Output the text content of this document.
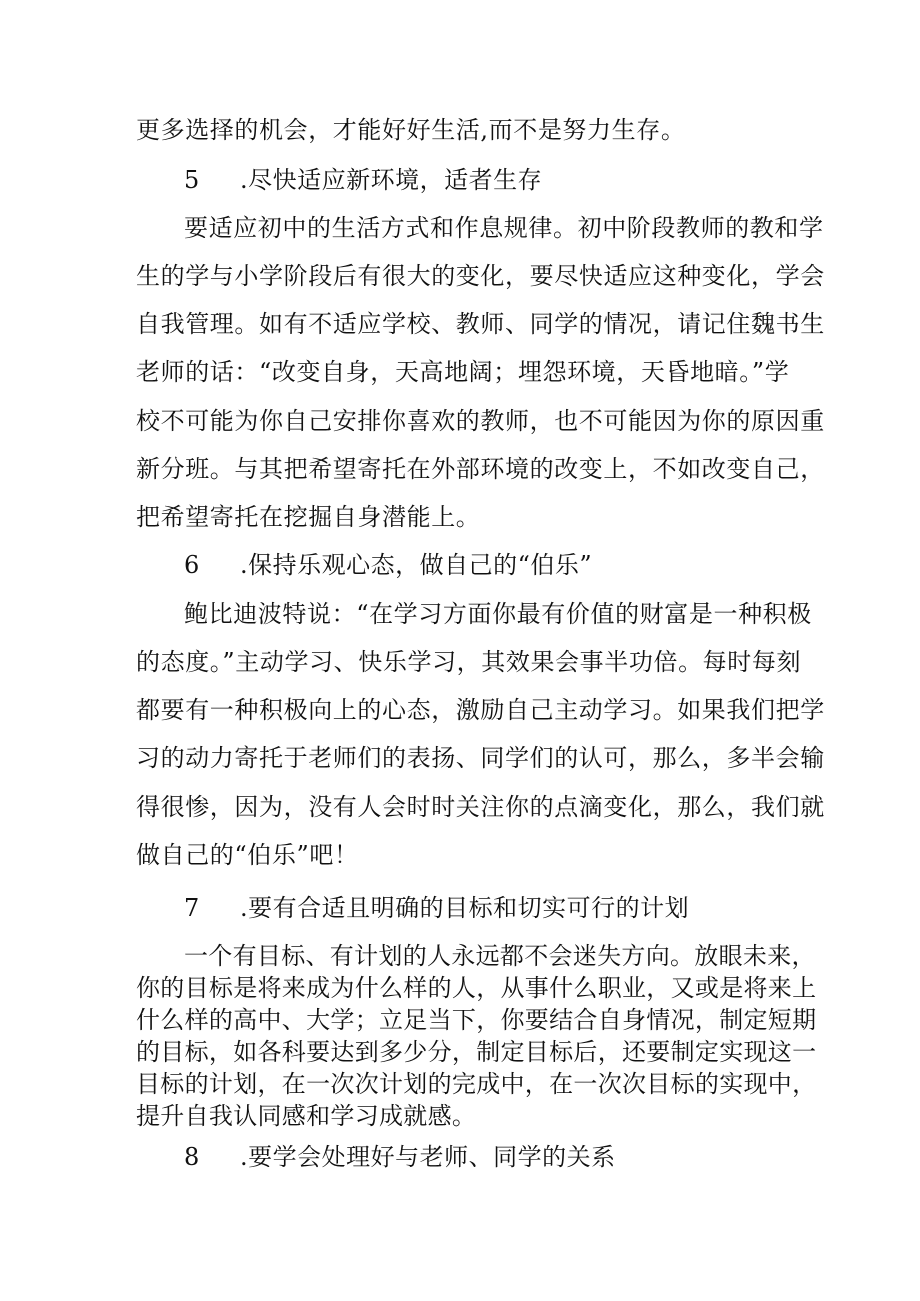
更多选择的机会，才能好好生活,而不是努力生存。
5 .尽快适应新环境，适者生存
要适应初中的生活方式和作息规律。初中阶段教师的教和学
生的学与小学阶段后有很大的变化，要尽快适应这种变化，学会
自我管理。如有不适应学校、教师、同学的情况，请记住魏书生
老师的话：“改变自身，天高地阔；埋怨环境，天昏地暗。”学
校不可能为你自己安排你喜欢的教师，也不可能因为你的原因重
新分班。与其把希望寄托在外部环境的改变上，不如改变自己，
把希望寄托在挖掘自身潜能上。
6 .保持乐观心态，做自己的“伯乐”
鲍比迪波特说：“在学习方面你最有价值的财富是一种积极
的态度。”主动学习、快乐学习，其效果会事半功倍。每时每刻
都要有一种积极向上的心态，激励自己主动学习。如果我们把学
习的动力寄托于老师们的表扬、同学们的认可，那么，多半会输
得很惨，因为，没有人会时时关注你的点滴变化，那么，我们就
做自己的“伯乐”吧！
7 .要有合适且明确的目标和切实可行的计划
一个有目标、有计划的人永远都不会迷失方向。放眼未来，
你的目标是将来成为什么样的人，从事什么职业，又或是将来上
什么样的高中、大学；立足当下，你要结合自身情况，制定短期
的目标，如各科要达到多少分，制定目标后，还要制定实现这一
目标的计划，在一次次计划的完成中，在一次次目标的实现中，
提升自我认同感和学习成就感。
8 .要学会处理好与老师、同学的关系
